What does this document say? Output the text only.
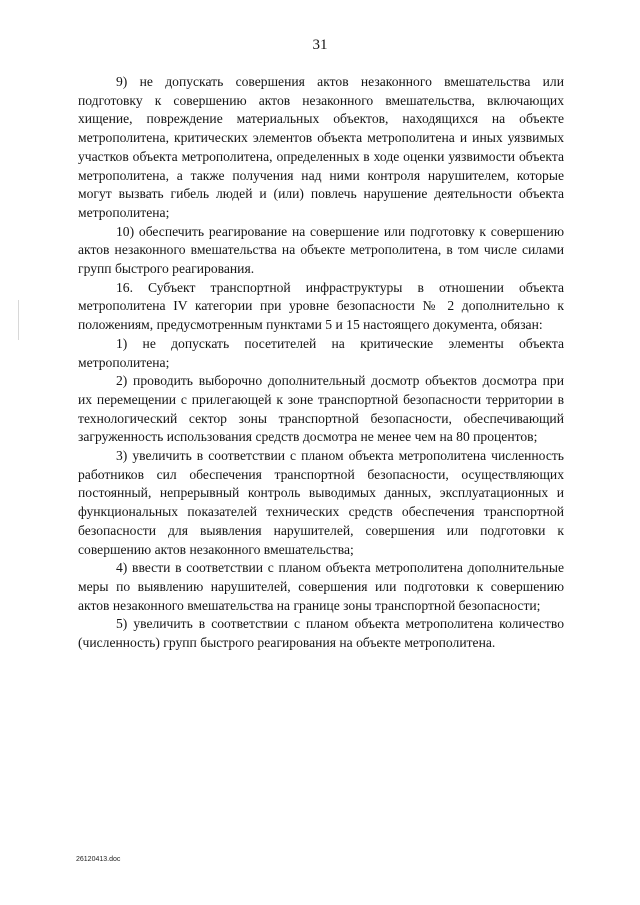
31

9) не допускать совершения актов незаконного вмешательства или подготовку к совершению актов незаконного вмешательства, включающих хищение, повреждение материальных объектов, находящихся на объекте метрополитена, критических элементов объекта метрополитена и иных уязвимых участков объекта метрополитена, определенных в ходе оценки уязвимости объекта метрополитена, а также получения над ними контроля нарушителем, которые могут вызвать гибель людей и (или) повлечь нарушение деятельности объекта метрополитена;

10) обеспечить реагирование на совершение или подготовку к совершению актов незаконного вмешательства на объекте метрополитена, в том числе силами групп быстрого реагирования.

16. Субъект транспортной инфраструктуры в отношении объекта метрополитена IV категории при уровне безопасности № 2 дополнительно к положениям, предусмотренным пунктами 5 и 15 настоящего документа, обязан:

1) не допускать посетителей на критические элементы объекта метрополитена;

2) проводить выборочно дополнительный досмотр объектов досмотра при их перемещении с прилегающей к зоне транспортной безопасности территории в технологический сектор зоны транспортной безопасности, обеспечивающий загруженность использования средств досмотра не менее чем на 80 процентов;

3) увеличить в соответствии с планом объекта метрополитена численность работников сил обеспечения транспортной безопасности, осуществляющих постоянный, непрерывный контроль выводимых данных, эксплуатационных и функциональных показателей технических средств обеспечения транспортной безопасности для выявления нарушителей, совершения или подготовки к совершению актов незаконного вмешательства;

4) ввести в соответствии с планом объекта метрополитена дополнительные меры по выявлению нарушителей, совершения или подготовки к совершению актов незаконного вмешательства на границе зоны транспортной безопасности;

5) увеличить в соответствии с планом объекта метрополитена количество (численность) групп быстрого реагирования на объекте метрополитена.

26120413.doc
